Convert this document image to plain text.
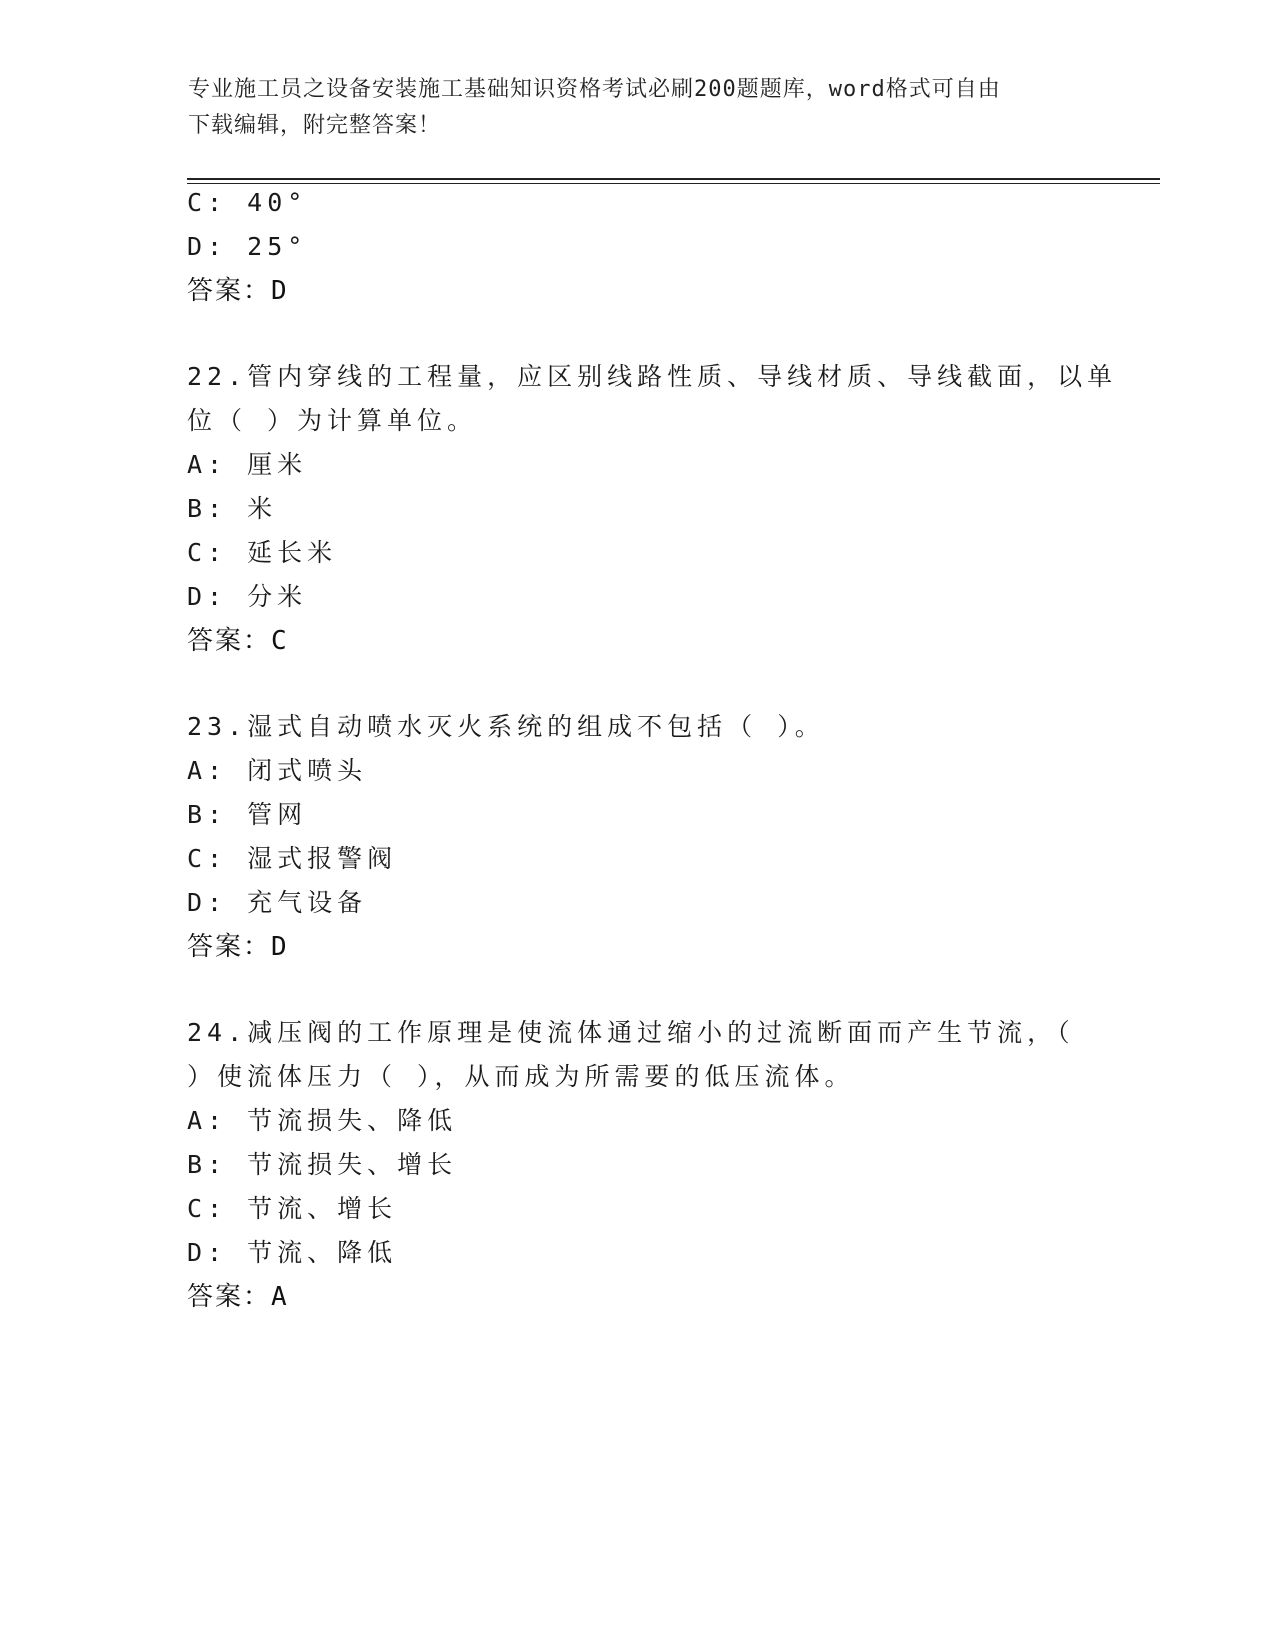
专业施工员之设备安装施工基础知识资格考试必刷200题题库，word格式可自由
下载编辑，附完整答案！
C: 40°
D: 25°
答案：D
22.管内穿线的工程量，应区别线路性质、导线材质、导线截面，以单
位（ ）为计算单位。
A: 厘米
B: 米
C: 延长米
D: 分米
答案：C
23.湿式自动喷水灭火系统的组成不包括（ ）。
A: 闭式喷头
B: 管网
C: 湿式报警阀
D: 充气设备
答案：D
24.减压阀的工作原理是使流体通过缩小的过流断面而产生节流，（
）使流体压力（ ），从而成为所需要的低压流体。
A: 节流损失、降低
B: 节流损失、增长
C: 节流、增长
D: 节流、降低
答案：A
